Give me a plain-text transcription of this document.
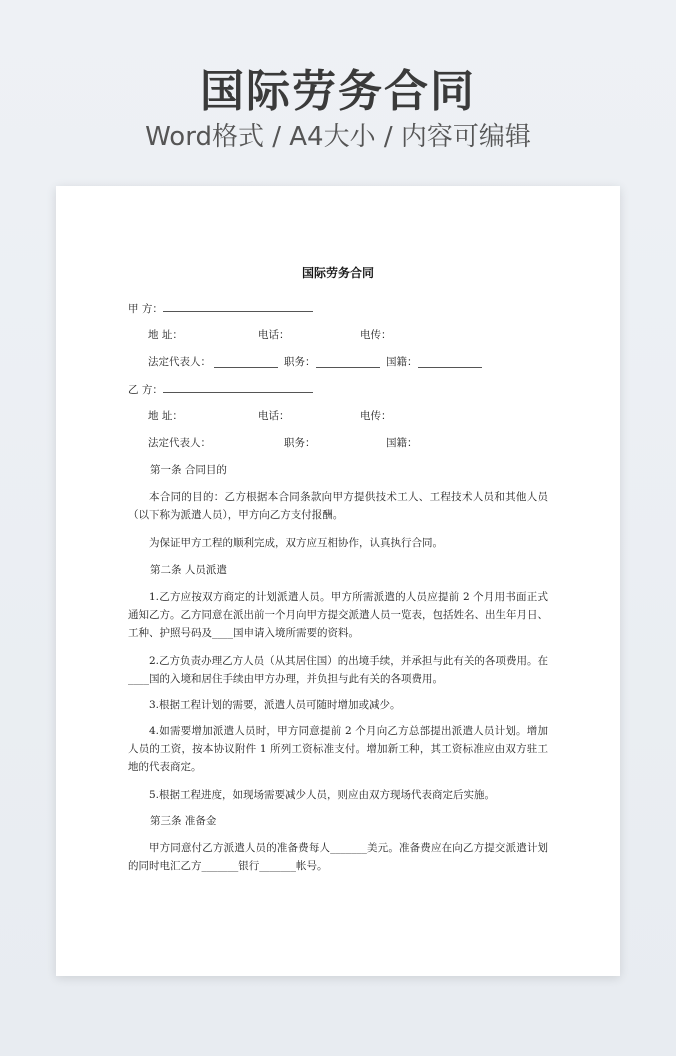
国际劳务合同
Word格式 / A4大小 / 内容可编辑
国际劳务合同
甲 方：
地 址：	电话：	电传：
法定代表人：	职务：	国籍：
乙 方：
地 址：	电话：	电传：
法定代表人：	职务：	国籍：
第一条 合同目的
本合同的目的：乙方根据本合同条款向甲方提供技术工人、工程技术人员和其他人员（以下称为派遣人员），甲方向乙方支付报酬。
为保证甲方工程的顺利完成，双方应互相协作，认真执行合同。
第二条 人员派遣
1.乙方应按双方商定的计划派遣人员。甲方所需派遣的人员应提前 2 个月用书面正式通知乙方。乙方同意在派出前一个月向甲方提交派遣人员一览表，包括姓名、出生年月日、工种、护照号码及____国申请入境所需要的资料。
2.乙方负责办理乙方人员（从其居住国）的出境手续，并承担与此有关的各项费用。在____国的入境和居住手续由甲方办理，并负担与此有关的各项费用。
3.根据工程计划的需要，派遣人员可随时增加或减少。
4.如需要增加派遣人员时，甲方同意提前 2 个月向乙方总部提出派遣人员计划。增加人员的工资，按本协议附件 1 所列工资标准支付。增加新工种，其工资标准应由双方驻工地的代表商定。
5.根据工程进度，如现场需要减少人员，则应由双方现场代表商定后实施。
第三条 准备金
甲方同意付乙方派遣人员的准备费每人_______美元。准备费应在向乙方提交派遣计划的同时电汇乙方_______银行_______帐号。
